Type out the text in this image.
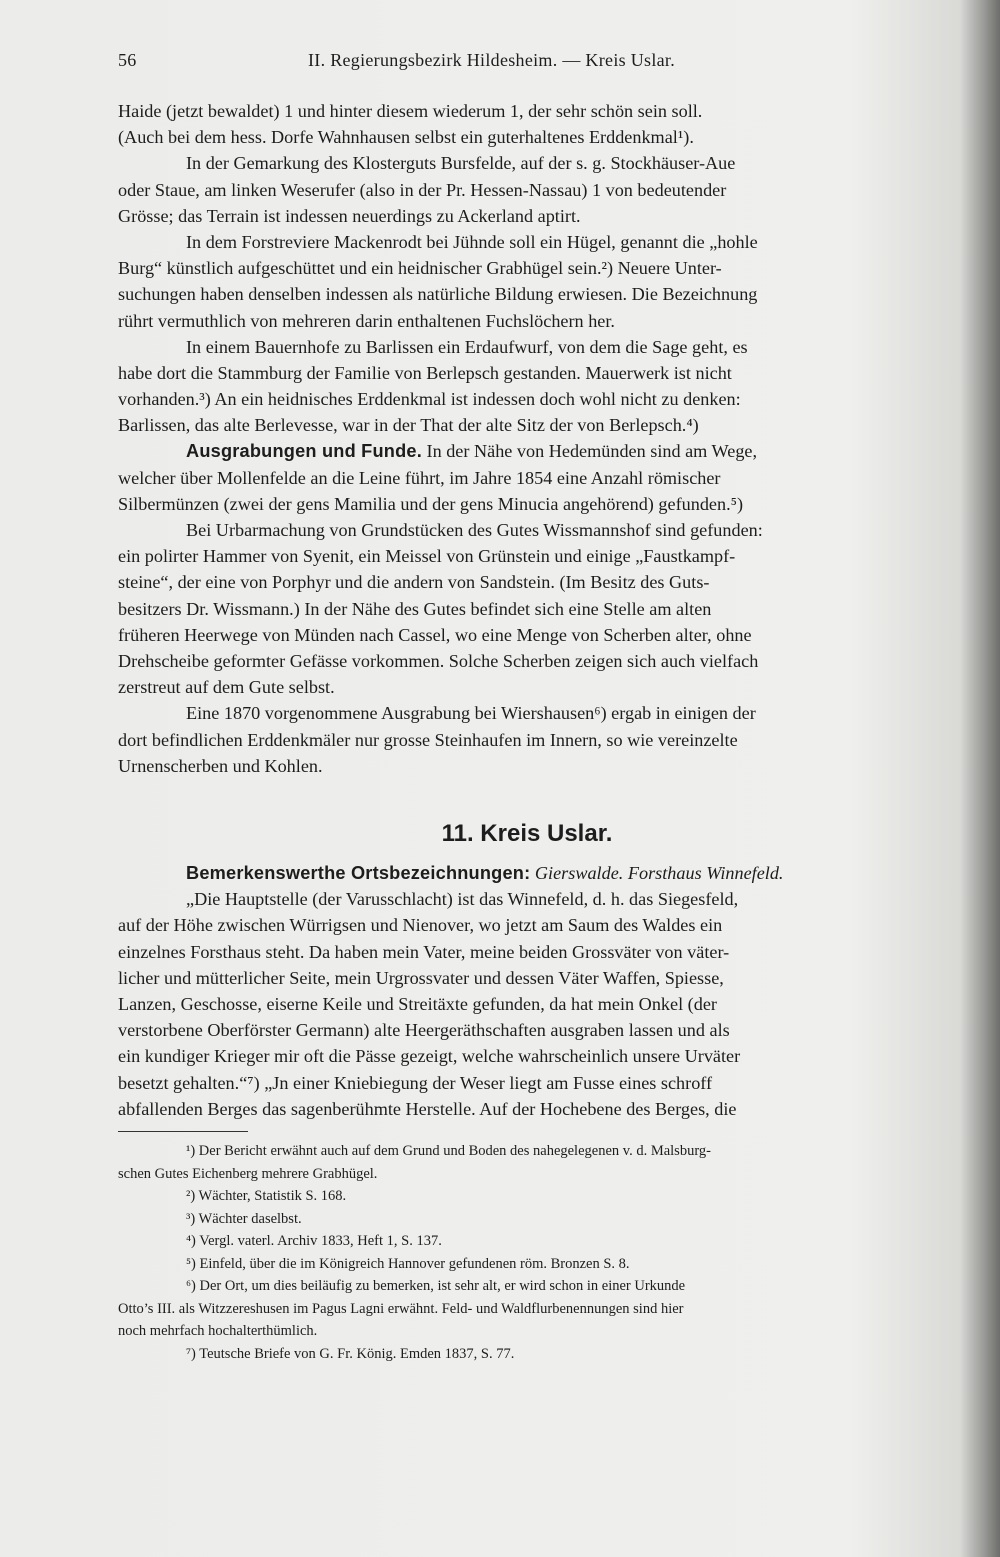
56	II. Regierungsbezirk Hildesheim. — Kreis Uslar.
Haide (jetzt bewaldet) 1 und hinter diesem wiederum 1, der sehr schön sein soll.
(Auch bei dem hess. Dorfe Wahnhausen selbst ein guterhaltenes Erddenkmal¹).
In der Gemarkung des Klosterguts Bursfelde, auf der s. g. Stockhäuser-Aue
oder Staue, am linken Weserufer (also in der Pr. Hessen-Nassau) 1 von bedeutender
Grösse; das Terrain ist indessen neuerdings zu Ackerland aptirt.
In dem Forstreviere Mackenrodt bei Jühnde soll ein Hügel, genannt die „hohle
Burg“ künstlich aufgeschüttet und ein heidnischer Grabhügel sein.²) Neuere Unter-
suchungen haben denselben indessen als natürliche Bildung erwiesen. Die Bezeichnung
rührt vermuthlich von mehreren darin enthaltenen Fuchslöchern her.
In einem Bauernhofe zu Barlissen ein Erdaufwurf, von dem die Sage geht, es
habe dort die Stammburg der Familie von Berlepsch gestanden. Mauerwerk ist nicht
vorhanden.³) An ein heidnisches Erddenkmal ist indessen doch wohl nicht zu denken:
Barlissen, das alte Berlevesse, war in der That der alte Sitz der von Berlepsch.⁴)
Ausgrabungen und Funde. In der Nähe von Hedemünden sind am Wege,
welcher über Mollenfelde an die Leine führt, im Jahre 1854 eine Anzahl römischer
Silbermünzen (zwei der gens Mamilia und der gens Minucia angehörend) gefunden.⁵)
Bei Urbarmachung von Grundstücken des Gutes Wissmannshof sind gefunden:
ein polirter Hammer von Syenit, ein Meissel von Grünstein und einige „Faustkampf-
steine“, der eine von Porphyr und die andern von Sandstein. (Im Besitz des Guts-
besitzers Dr. Wissmann.) In der Nähe des Gutes befindet sich eine Stelle am alten
früheren Heerwege von Münden nach Cassel, wo eine Menge von Scherben alter, ohne
Drehscheibe geformter Gefässe vorkommen. Solche Scherben zeigen sich auch vielfach
zerstreut auf dem Gute selbst.
Eine 1870 vorgenommene Ausgrabung bei Wiershausen⁶) ergab in einigen der
dort befindlichen Erddenkmäler nur grosse Steinhaufen im Innern, so wie vereinzelte
Urnenscherben und Kohlen.
11. Kreis Uslar.
Bemerkenswerthe Ortsbezeichnungen: Gierswalde. Forsthaus Winnefeld.
„Die Hauptstelle (der Varusschlacht) ist das Winnefeld, d. h. das Siegesfeld,
auf der Höhe zwischen Würrigsen und Nienover, wo jetzt am Saum des Waldes ein
einzelnes Forsthaus steht. Da haben mein Vater, meine beiden Grossväter von väter-
licher und mütterlicher Seite, mein Urgrossvater und dessen Väter Waffen, Spiesse,
Lanzen, Geschosse, eiserne Keile und Streitäxte gefunden, da hat mein Onkel (der
verstorbene Oberförster Germann) alte Heergeräthschaften ausgraben lassen und als
ein kundiger Krieger mir oft die Pässe gezeigt, welche wahrscheinlich unsere Urväter
besetzt gehalten.“⁷) „Jn einer Kniebiegung der Weser liegt am Fusse eines schroff
abfallenden Berges das sagenberühmte Herstelle. Auf der Hochebene des Berges, die
¹) Der Bericht erwähnt auch auf dem Grund und Boden des nahegelegenen v. d. Malsburg-
schen Gutes Eichenberg mehrere Grabhügel.
²) Wächter, Statistik S. 168.
³) Wächter daselbst.
⁴) Vergl. vaterl. Archiv 1833, Heft 1, S. 137.
⁵) Einfeld, über die im Königreich Hannover gefundenen röm. Bronzen S. 8.
⁶) Der Ort, um dies beiläufig zu bemerken, ist sehr alt, er wird schon in einer Urkunde
Otto’s III. als Witzzereshusen im Pagus Lagni erwähnt. Feld- und Waldflurbenennungen sind hier
noch mehrfach hochalterthümlich.
⁷) Teutsche Briefe von G. Fr. König. Emden 1837, S. 77.
